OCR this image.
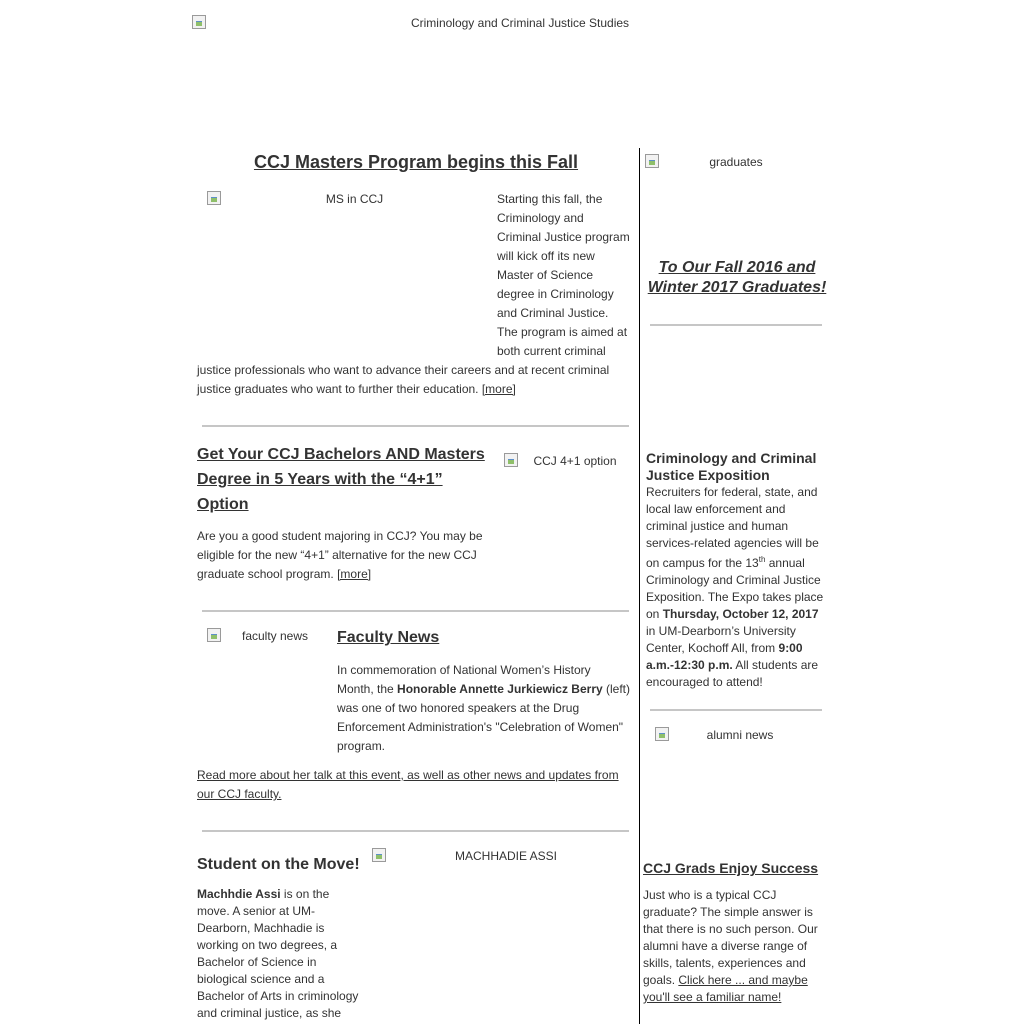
Criminology and Criminal Justice Studies
CCJ Masters Program begins this Fall
MS in CCJ	Starting this fall, the
Criminology and
Criminal Justice program
will kick off its new
Master of Science
degree in Criminology
and Criminal Justice.
The program is aimed at
both current criminal
justice professionals who want to advance their careers and at recent criminal
justice graduates who want to further their education. [more]
Get Your CCJ Bachelors AND Masters
Degree in 5 Years with the “4+1”
Option
CCJ 4+1 option
Are you a good student majoring in CCJ? You may be
eligible for the new “4+1” alternative for the new CCJ
graduate school program. [more]
faculty news	Faculty News
In commemoration of National Women’s History
Month, the Honorable Annette Jurkiewicz Berry (left)
was one of two honored speakers at the Drug
Enforcement Administration's "Celebration of Women"
program.
Read more about her talk at this event, as well as other news and updates from
our CCJ faculty.
Student on the Move!	MACHHADIE ASSI
Machhdie Assi is on the
move. A senior at UM-
Dearborn, Machhadie is
working on two degrees, a
Bachelor of Science in
biological science and a
Bachelor of Arts in criminology
and criminal justice, as she
graduates
To Our Fall 2016 and
Winter 2017 Graduates!
Criminology and Criminal
Justice Exposition
Recruiters for federal, state, and
local law enforcement and
criminal justice and human
services-related agencies will be
on campus for the 13th annual
Criminology and Criminal Justice
Exposition. The Expo takes place
on Thursday, October 12, 2017
in UM-Dearborn’s University
Center, Kochoff All, from 9:00
a.m.-12:30 p.m. All students are
encouraged to attend!
alumni news
CCJ Grads Enjoy Success
Just who is a typical CCJ
graduate? The simple answer is
that there is no such person. Our
alumni have a diverse range of
skills, talents, experiences and
goals. Click here ... and maybe
you'll see a familiar name!
